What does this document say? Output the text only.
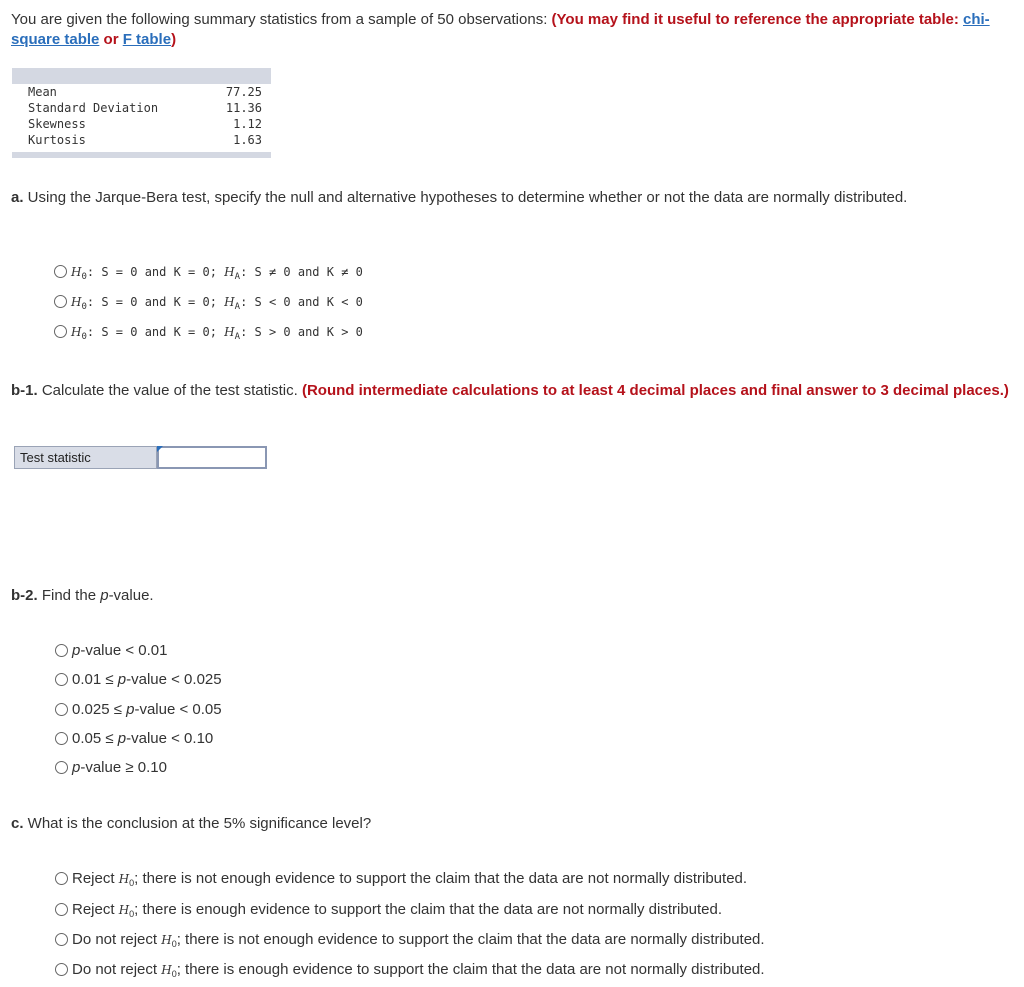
You are given the following summary statistics from a sample of 50 observations: (You may find it useful to reference the appropriate table: chi-square table or F table)
Mean	77.25
Standard Deviation	11.36
Skewness	1.12
Kurtosis	1.63
a. Using the Jarque-Bera test, specify the null and alternative hypotheses to determine whether or not the data are normally distributed.
$H_0$: S = 0 and K = 0; $H_A$: S ≠ 0 and K ≠ 0
$H_0$: S = 0 and K = 0; $H_A$: S < 0 and K < 0
$H_0$: S = 0 and K = 0; $H_A$: S > 0 and K > 0
b-1. Calculate the value of the test statistic. (Round intermediate calculations to at least 4 decimal places and final answer to 3 decimal places.)
Test statistic
b-2. Find the p-value.
p-value < 0.01
0.01 ≤ p-value < 0.025
0.025 ≤ p-value < 0.05
0.05 ≤ p-value < 0.10
p-value ≥ 0.10
c. What is the conclusion at the 5% significance level?
Reject $H_0$; there is not enough evidence to support the claim that the data are not normally distributed.
Reject $H_0$; there is enough evidence to support the claim that the data are not normally distributed.
Do not reject $H_0$; there is not enough evidence to support the claim that the data are normally distributed.
Do not reject $H_0$; there is enough evidence to support the claim that the data are not normally distributed.
